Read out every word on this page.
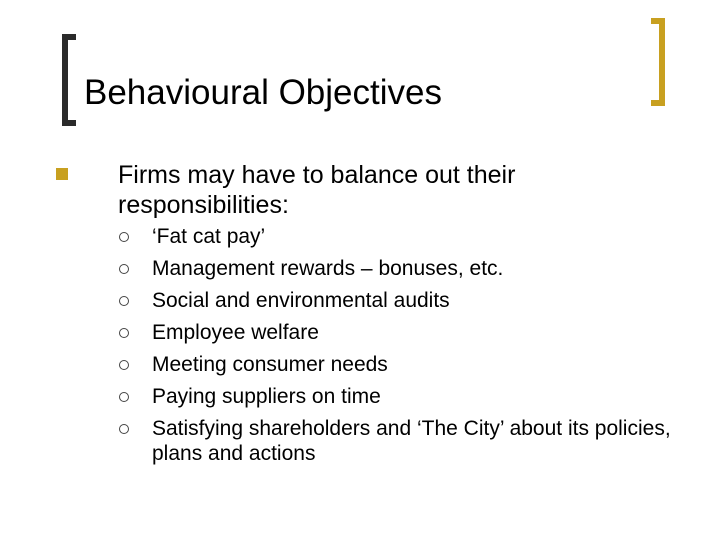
Behavioural Objectives
Firms may have to balance out their responsibilities:
‘Fat cat pay’
Management rewards – bonuses, etc.
Social and environmental audits
Employee welfare
Meeting consumer needs
Paying suppliers on time
Satisfying shareholders and ‘The City’ about its policies, plans and actions
